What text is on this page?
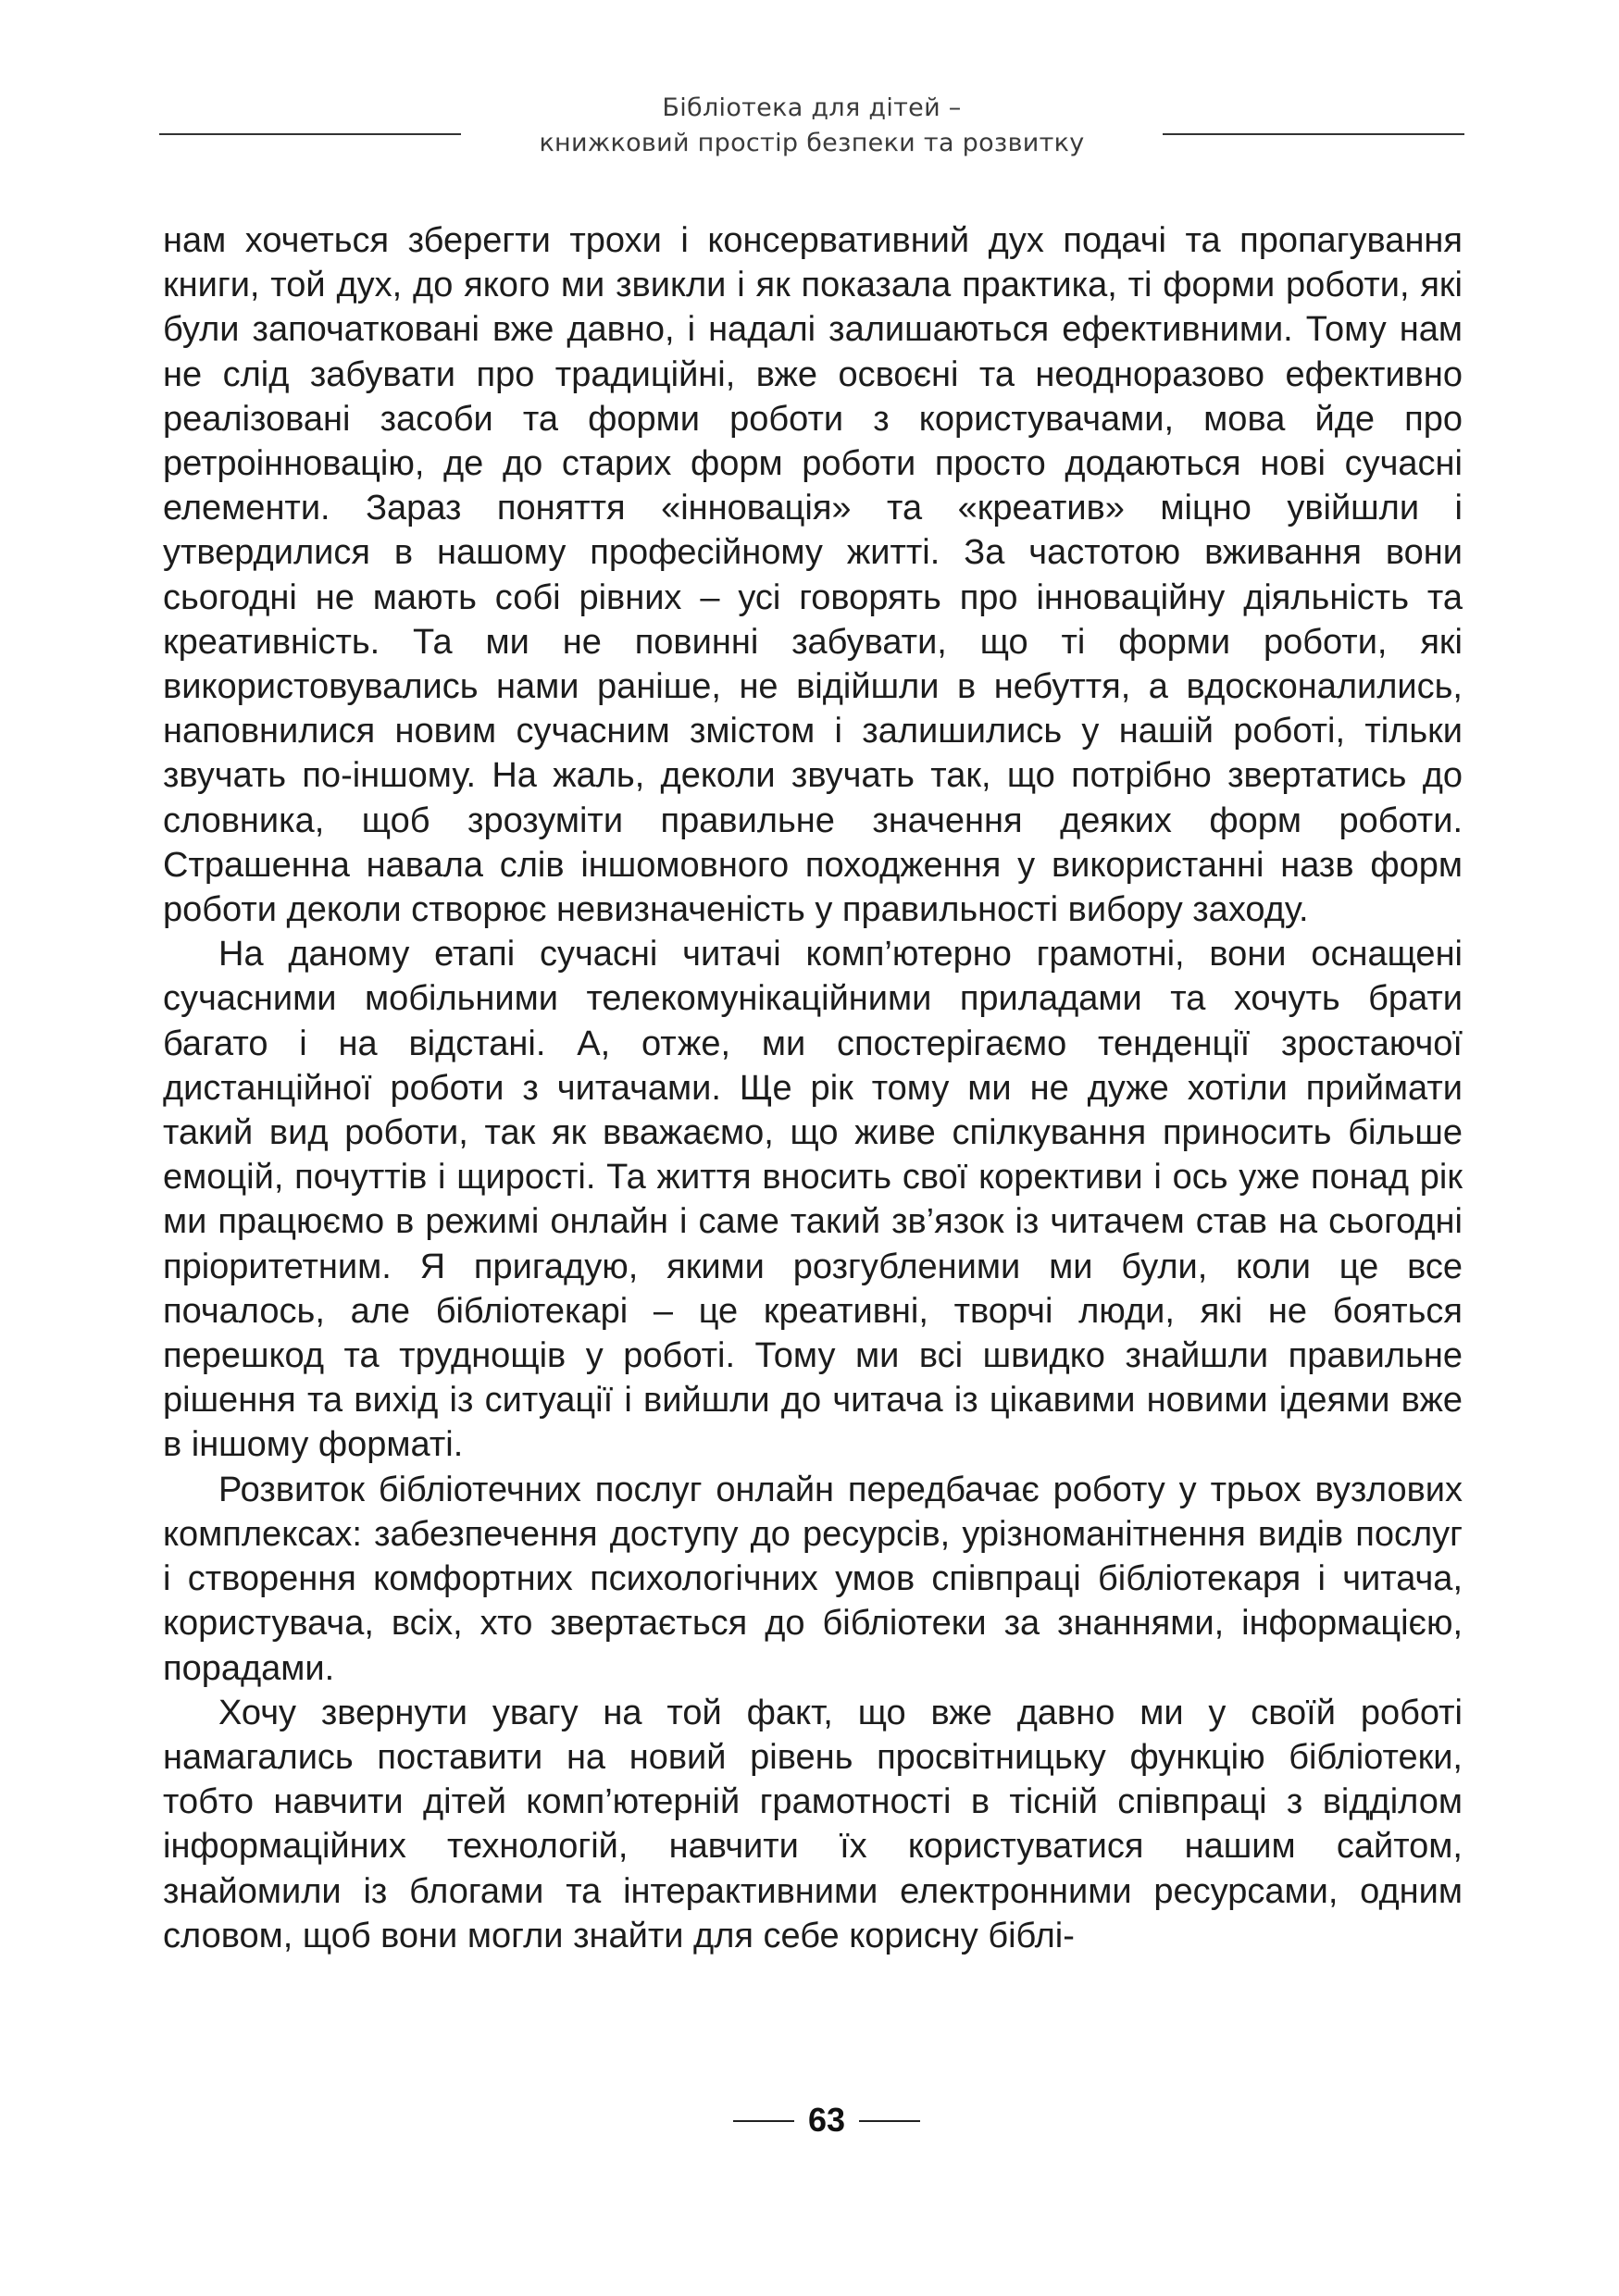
Бібліотека для дітей –
книжковий простір безпеки та розвитку

нам хочеться зберегти трохи і консервативний дух подачі та пропагування книги, той дух, до якого ми звикли і як показала практика, ті форми роботи, які були започатковані вже давно, і надалі залишаються ефективними. Тому нам не слід забувати про традиційні, вже освоєні та неодноразово ефективно реалізовані засоби та форми роботи з користувачами, мова йде про ретроінновацію, де до старих форм роботи просто додаються нові сучасні елементи. Зараз поняття «інновація» та «креатив» міцно увійшли і утвердилися в нашому професійному житті. За частотою вживання вони сьогодні не мають собі рівних – усі говорять про інноваційну діяльність та креативність. Та ми не повинні забувати, що ті форми роботи, які використовувались нами раніше, не відійшли в небуття, а вдосконалились, наповнилися новим сучасним змістом і залишились у нашій роботі, тільки звучать по-іншому. На жаль, деколи звучать так, що потрібно звертатись до словника, щоб зрозуміти правильне значення деяких форм роботи. Страшенна навала слів іншомовного походження у використанні назв форм роботи деколи створює невизначеність у правильності вибору заходу.

На даному етапі сучасні читачі комп’ютерно грамотні, вони оснащені сучасними мобільними телекомунікаційними приладами та хочуть брати багато і на відстані. А, отже, ми спостерігаємо тенденції зростаючої дистанційної роботи з читачами. Ще рік тому ми не дуже хотіли приймати такий вид роботи, так як вважаємо, що живе спілкування приносить більше емоцій, почуттів і щирості. Та життя вносить свої корективи і ось уже понад рік ми працюємо в режимі онлайн і саме такий зв’язок із читачем став на сьогодні пріоритетним. Я пригадую, якими розгубленими ми були, коли це все почалось, але бібліотекарі – це креативні, творчі люди, які не бояться перешкод та труднощів у роботі. Тому ми всі швидко знайшли правильне рішення та вихід із ситуації і вийшли до читача із цікавими новими ідеями вже в іншому форматі.

Розвиток бібліотечних послуг онлайн передбачає роботу у трьох вузлових комплексах: забезпечення доступу до ресурсів, урізноманітнення видів послуг і створення комфортних психологічних умов співпраці бібліотекаря і читача, користувача, всіх, хто звертається до бібліотеки за знаннями, інформацією, порадами.

Хочу звернути увагу на той факт, що вже давно ми у своїй роботі намагались поставити на новий рівень просвітницьку функцію бібліотеки, тобто навчити дітей комп’ютерній грамотності в тісній співпраці з відділом інформаційних технологій, навчити їх користуватися нашим сайтом, знайомили із блогами та інтерактивними електронними ресурсами, одним словом, щоб вони могли знайти для себе корисну біблі-

63
